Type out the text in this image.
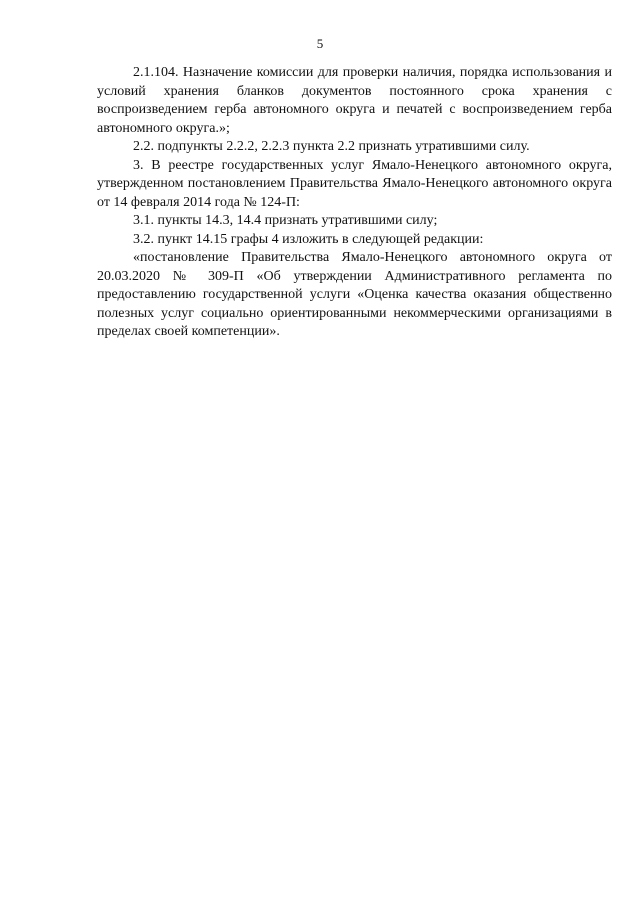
5

2.1.104. Назначение комиссии для проверки наличия, порядка использования и условий хранения бланков документов постоянного срока хранения с воспроизведением герба автономного округа и печатей с воспроизведением герба автономного округа.»;

2.2. подпункты 2.2.2, 2.2.3 пункта 2.2 признать утратившими силу.

3. В реестре государственных услуг Ямало-Ненецкого автономного округа, утвержденном постановлением Правительства Ямало-Ненецкого автономного округа от 14 февраля 2014 года № 124-П:

3.1. пункты 14.3, 14.4 признать утратившими силу;

3.2. пункт 14.15 графы 4 изложить в следующей редакции:

«постановление Правительства Ямало-Ненецкого автономного округа от 20.03.2020 № 309-П «Об утверждении Административного регламента по предоставлению государственной услуги «Оценка качества оказания общественно полезных услуг социально ориентированными некоммерческими организациями в пределах своей компетенции».
